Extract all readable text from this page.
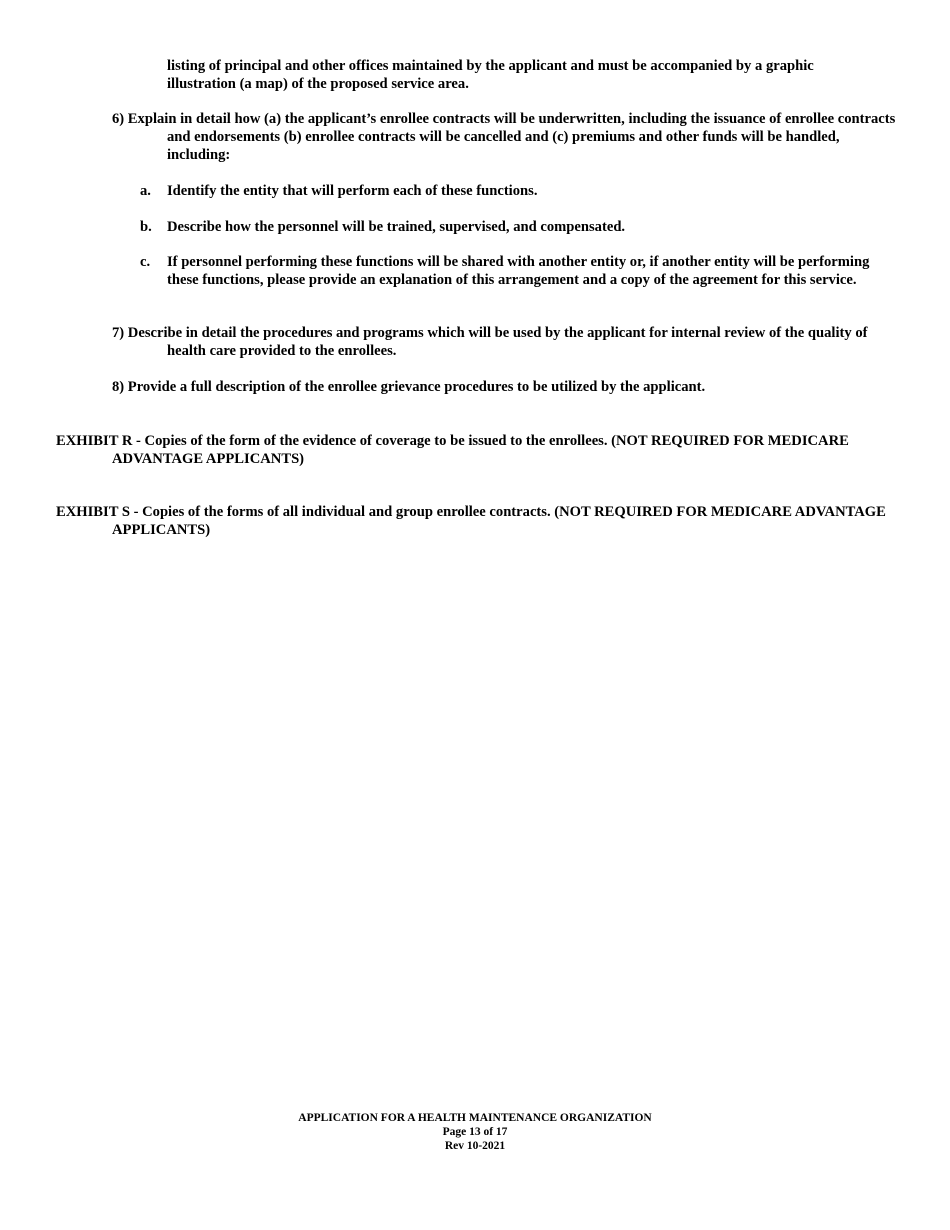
listing of principal and other offices maintained by the applicant and must be accompanied by a graphic illustration (a map) of the proposed service area.

6) Explain in detail how (a) the applicant’s enrollee contracts will be underwritten, including the issuance of enrollee contracts and endorsements (b) enrollee contracts will be cancelled and (c) premiums and other funds will be handled, including:

a.	Identify the entity that will perform each of these functions.
b.	Describe how the personnel will be trained, supervised, and compensated.
c.	If personnel performing these functions will be shared with another entity or, if another entity will be performing these functions, please provide an explanation of this arrangement and a copy of the agreement for this service.

7) Describe in detail the procedures and programs which will be used by the applicant for internal review of the quality of health care provided to the enrollees.

8) Provide a full description of the enrollee grievance procedures to be utilized by the applicant.

EXHIBIT R - Copies of the form of the evidence of coverage to be issued to the enrollees. (NOT REQUIRED FOR MEDICARE ADVANTAGE APPLICANTS)

EXHIBIT S - Copies of the forms of all individual and group enrollee contracts. (NOT REQUIRED FOR MEDICARE ADVANTAGE APPLICANTS)

APPLICATION FOR A HEALTH MAINTENANCE ORGANIZATION
Page 13 of 17
Rev 10-2021
